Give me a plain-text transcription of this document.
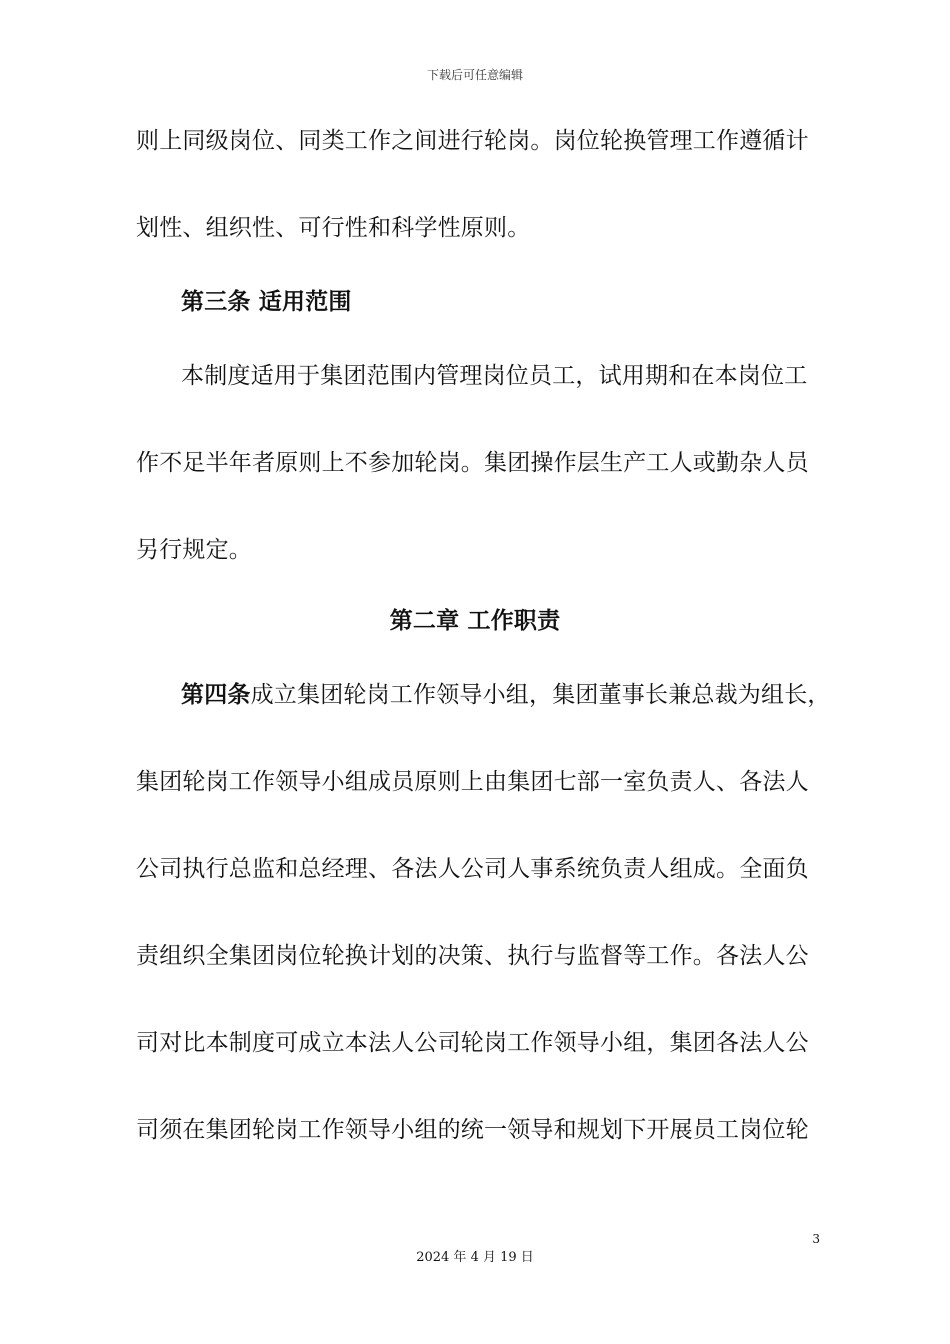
下载后可任意编辑
则上同级岗位、同类工作之间进行轮岗。岗位轮换管理工作遵循计
划性、组织性、可行性和科学性原则。
第三条 适用范围
本制度适用于集团范围内管理岗位员工，试用期和在本岗位工
作不足半年者原则上不参加轮岗。集团操作层生产工人或勤杂人员
另行规定。
第二章 工作职责
第四条成立集团轮岗工作领导小组，集团董事长兼总裁为组长，
集团轮岗工作领导小组成员原则上由集团七部一室负责人、各法人
公司执行总监和总经理、各法人公司人事系统负责人组成。全面负
责组织全集团岗位轮换计划的决策、执行与监督等工作。各法人公
司对比本制度可成立本法人公司轮岗工作领导小组，集团各法人公
司须在集团轮岗工作领导小组的统一领导和规划下开展员工岗位轮
3
2024 年 4 月 19 日
